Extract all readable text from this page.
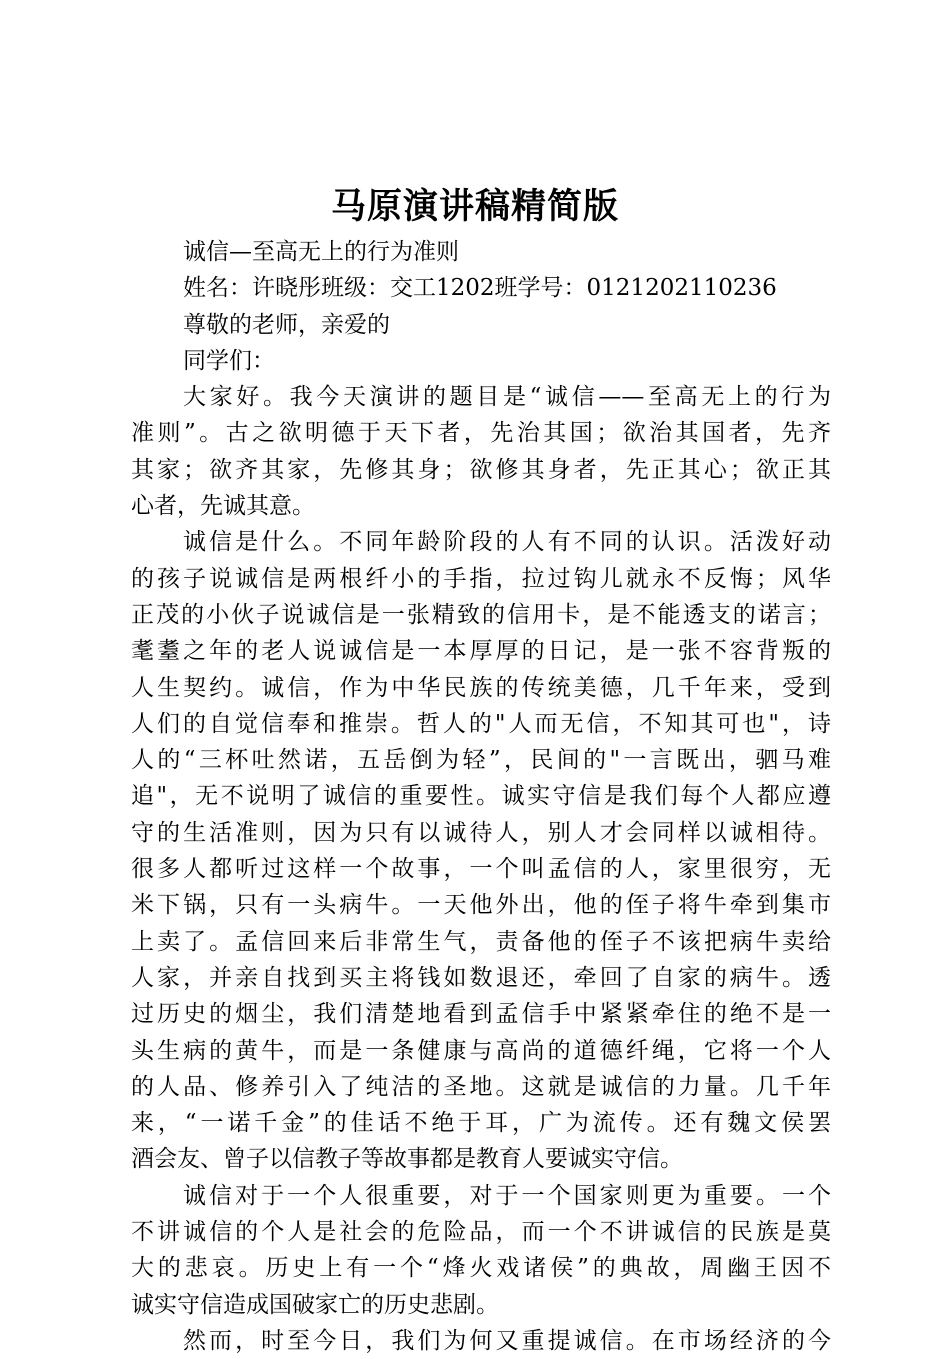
马原演讲稿精简版
诚信—至高无上的行为准则
姓名：许晓彤班级：交工1202班学号：0121202110236
尊敬的老师，亲爱的
同学们：
大家好。我今天演讲的题目是“诚信——至高无上的行为
准则”。古之欲明德于天下者，先治其国；欲治其国者，先齐
其家；欲齐其家，先修其身；欲修其身者，先正其心；欲正其
心者，先诚其意。
诚信是什么。不同年龄阶段的人有不同的认识。活泼好动
的孩子说诚信是两根纤小的手指，拉过钩儿就永不反悔；风华
正茂的小伙子说诚信是一张精致的信用卡，是不能透支的诺言；
耄耋之年的老人说诚信是一本厚厚的日记，是一张不容背叛的
人生契约。诚信，作为中华民族的传统美德，几千年来，受到
人们的自觉信奉和推崇。哲人的"人而无信，不知其可也"，诗
人的“三杯吐然诺，五岳倒为轻”，民间的"一言既出，驷马难
追"，无不说明了诚信的重要性。诚实守信是我们每个人都应遵
守的生活准则，因为只有以诚待人，别人才会同样以诚相待。
很多人都听过这样一个故事，一个叫孟信的人，家里很穷，无
米下锅，只有一头病牛。一天他外出，他的侄子将牛牵到集市
上卖了。孟信回来后非常生气，责备他的侄子不该把病牛卖给
人家，并亲自找到买主将钱如数退还，牵回了自家的病牛。透
过历史的烟尘，我们清楚地看到孟信手中紧紧牵住的绝不是一
头生病的黄牛，而是一条健康与高尚的道德纤绳，它将一个人
的人品、修养引入了纯洁的圣地。这就是诚信的力量。几千年
来，“一诺千金”的佳话不绝于耳，广为流传。还有魏文侯罢
酒会友、曾子以信教子等故事都是教育人要诚实守信。
诚信对于一个人很重要，对于一个国家则更为重要。一个
不讲诚信的个人是社会的危险品，而一个不讲诚信的民族是莫
大的悲哀。历史上有一个“烽火戏诸侯”的典故，周幽王因不
诚实守信造成国破家亡的历史悲剧。
然而，时至今日，我们为何又重提诚信。在市场经济的今
